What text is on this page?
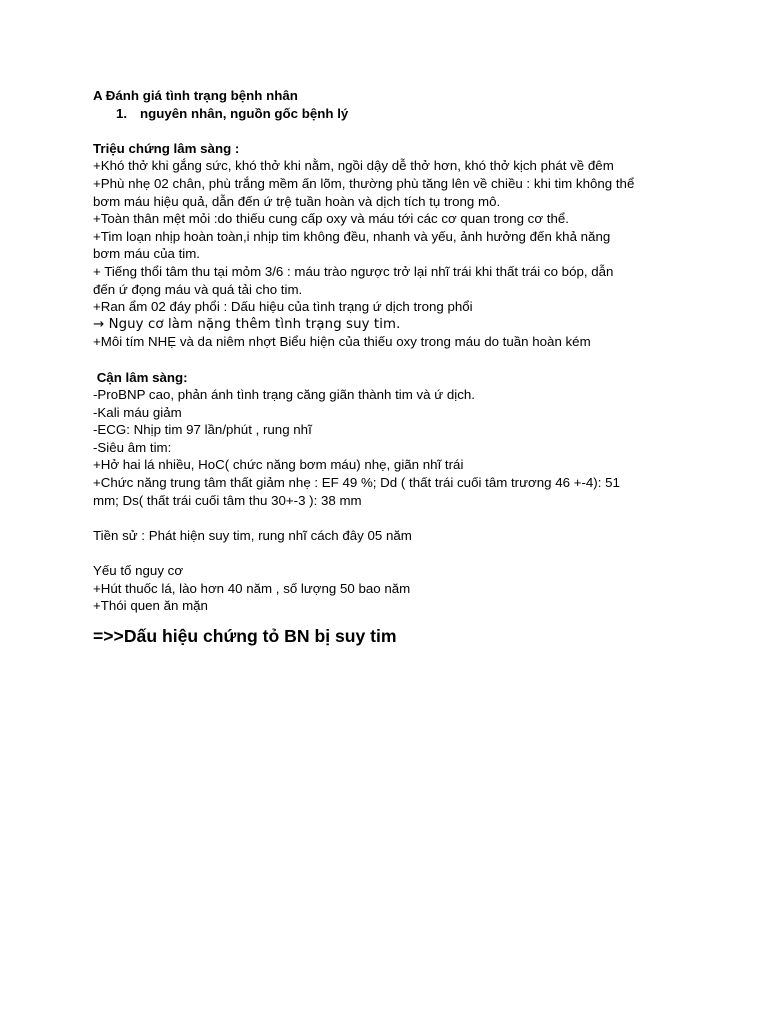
A Đánh giá tình trạng bệnh nhân
1. nguyên nhân, nguồn gốc bệnh lý
Triệu chứng lâm sàng :
+Khó thở khi gắng sức, khó thở khi nằm, ngồi dậy dễ thở hơn, khó thở kịch phát về đêm
+Phù nhẹ 02 chân, phù trắng mềm ấn lõm, thường phù tăng lên về chiều : khi tim không thể
bơm máu hiệu quả, dẫn đến ứ trệ tuần hoàn và dịch tích tụ trong mô.
+Toàn thân mệt mỏi :do thiếu cung cấp oxy và máu tới các cơ quan trong cơ thể.
+Tim loạn nhịp hoàn toàn,i nhịp tim không đều, nhanh và yếu, ảnh hưởng đến khả năng
bơm máu của tim.
+ Tiếng thổi tâm thu tại mỏm 3/6 : máu trào ngược trở lại nhĩ trái khi thất trái co bóp, dẫn
đến ứ đọng máu và quá tải cho tim.
+Ran ẩm 02 đáy phổi : Dấu hiệu của tình trạng ứ dịch trong phổi
→ Nguy cơ làm nặng thêm tình trạng suy tim.
+Môi tím NHẸ và da niêm nhợt Biểu hiện của thiếu oxy trong máu do tuần hoàn kém
Cận lâm sàng:
-ProBNP cao, phản ánh tình trạng căng giãn thành tim và ứ dịch.
-Kali máu giảm
-ECG: Nhịp tim 97 lần/phút , rung nhĩ
-Siêu âm tim:
+Hở hai lá nhiều, HoC( chức năng bơm máu) nhẹ, giãn nhĩ trái
+Chức năng trung tâm thất giảm nhẹ : EF 49 %; Dd ( thất trái cuối tâm trương 46 +-4): 51
mm; Ds( thất trái cuối tâm thu 30+-3 ): 38 mm
Tiền sử : Phát hiện suy tim, rung nhĩ cách đây 05 năm
Yếu tố nguy cơ
+Hút thuốc lá, lào hơn 40 năm , số lượng 50 bao năm
+Thói quen ăn mặn
=>>Dấu hiệu chứng tỏ BN bị suy tim
